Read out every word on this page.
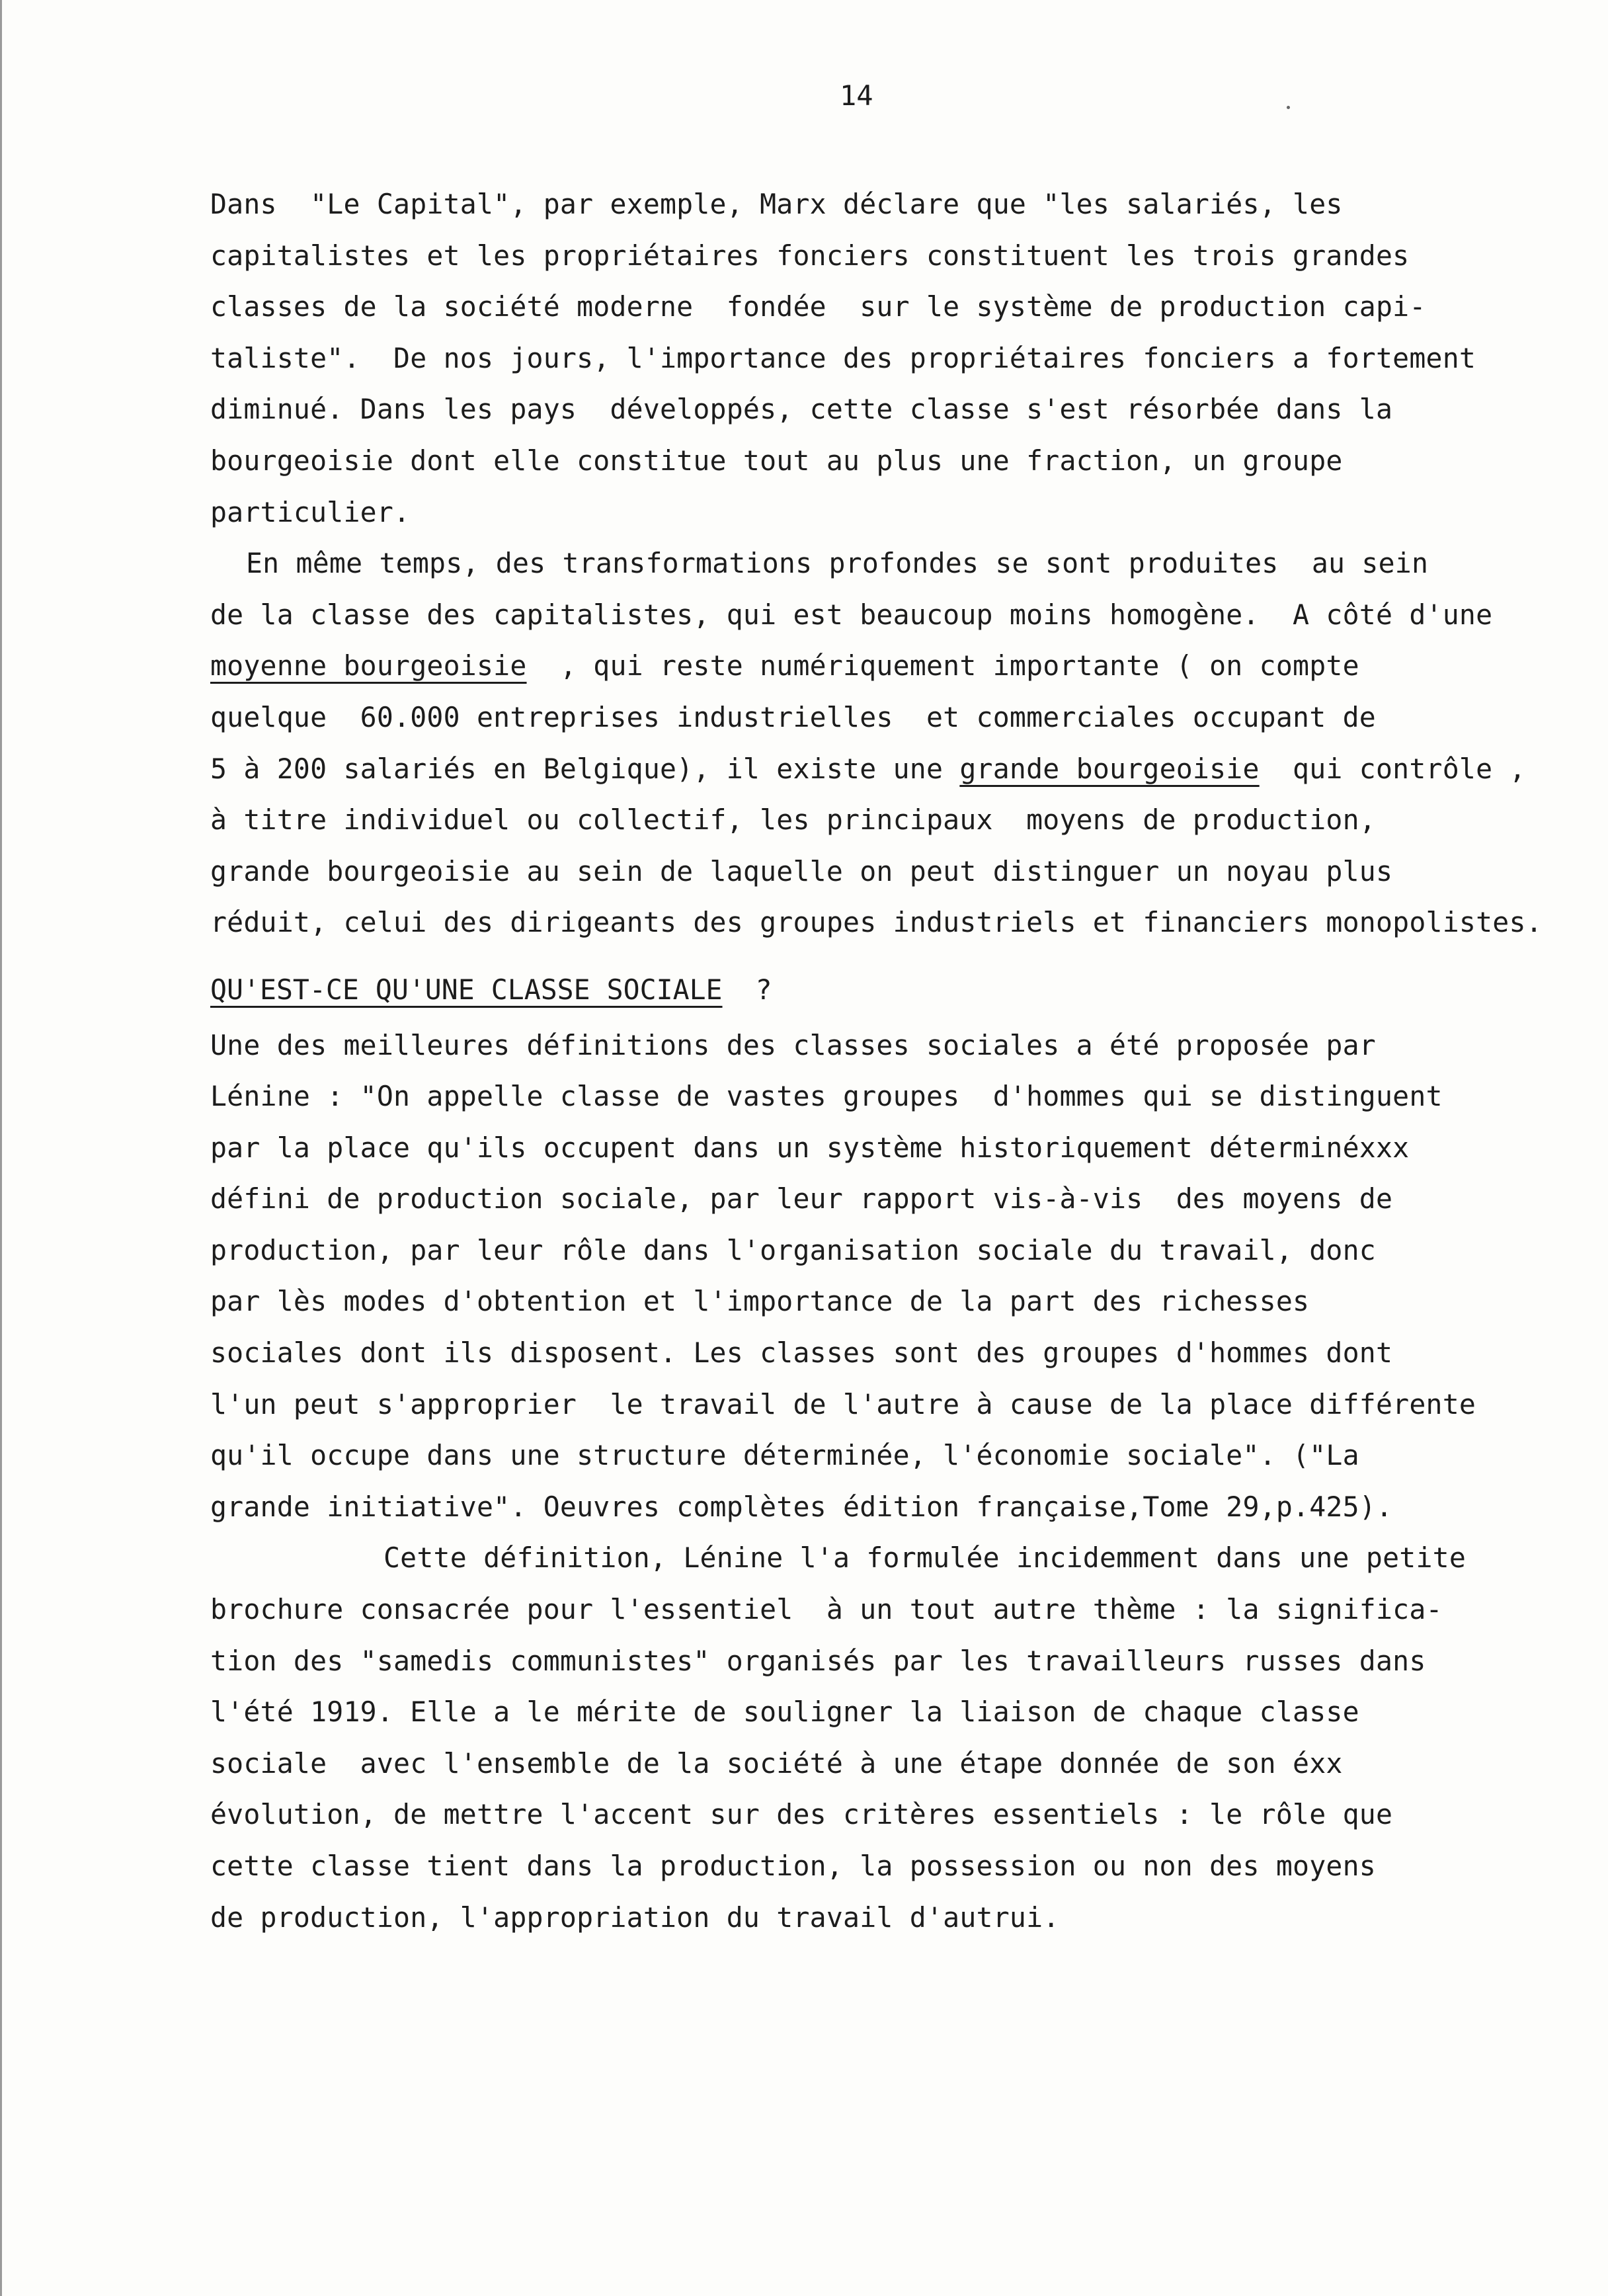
14
Dans  "Le Capital", par exemple, Marx déclare que "les salariés, les
capitalistes et les propriétaires fonciers constituent les trois grandes
classes de la société moderne  fondée  sur le système de production capi-
taliste".  De nos jours, l'importance des propriétaires fonciers a fortement
diminué. Dans les pays  développés, cette classe s'est résorbée dans la
bourgeoisie dont elle constitue tout au plus une fraction, un groupe
particulier.
En même temps, des transformations profondes se sont produites  au sein
de la classe des capitalistes, qui est beaucoup moins homogène.  A côté d'une
moyenne bourgeoisie  , qui reste numériquement importante ( on compte
quelque  60.000 entreprises industrielles  et commerciales occupant de
5 à 200 salariés en Belgique), il existe une grande bourgeoisie  qui contrôle ,
à titre individuel ou collectif, les principaux  moyens de production,
grande bourgeoisie au sein de laquelle on peut distinguer un noyau plus
réduit, celui des dirigeants des groupes industriels et financiers monopolistes.
QU'EST-CE QU'UNE CLASSE SOCIALE  ?
Une des meilleures définitions des classes sociales a été proposée par
Lénine : "On appelle classe de vastes groupes  d'hommes qui se distinguent
par la place qu'ils occupent dans un système historiquement déterminéxxx
défini de production sociale, par leur rapport vis-à-vis  des moyens de
production, par leur rôle dans l'organisation sociale du travail, donc
par lès modes d'obtention et l'importance de la part des richesses
sociales dont ils disposent. Les classes sont des groupes d'hommes dont
l'un peut s'approprier  le travail de l'autre à cause de la place différente
qu'il occupe dans une structure déterminée, l'économie sociale". ("La
grande initiative". Oeuvres complètes édition française,Tome 29,p.425).
Cette définition, Lénine l'a formulée incidemment dans une petite
brochure consacrée pour l'essentiel  à un tout autre thème : la significa-
tion des "samedis communistes" organisés par les travailleurs russes dans
l'été 1919. Elle a le mérite de souligner la liaison de chaque classe
sociale  avec l'ensemble de la société à une étape donnée de son éxx
évolution, de mettre l'accent sur des critères essentiels : le rôle que
cette classe tient dans la production, la possession ou non des moyens
de production, l'appropriation du travail d'autrui.
